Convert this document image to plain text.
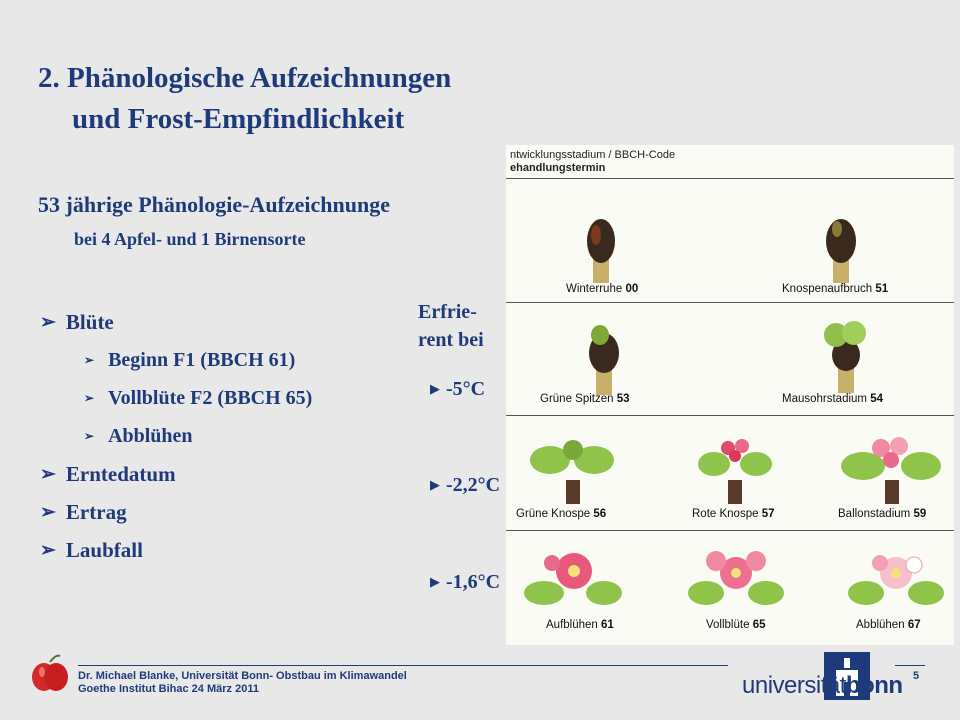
2. Phänologische Aufzeichnungen
und Frost-Empfindlichkeit
53 jährige Phänologie-Aufzeichnunge
bei 4 Apfel- und 1 Birnensorte
➢ Blüte
➢ Beginn F1 (BBCH 61)
➢ Vollblüte F2 (BBCH 65)
➢ Abblühen
➢ Erntedatum
➢ Ertrag
➢ Laubfall
Erfrie-
rent bei
ntwicklungsstadium / BBCH-Code
ehandlungstermin
Winterruhe 00	Knospenaufbruch 51
Grüne Spitzen 53	Mausohrstadium 54
Grüne Knospe 56	Rote Knospe 57	Ballonstadium 59
Aufblühen 61	Vollblüte 65	Abblühen 67
▶ -5°C
▶ -2,2°C
▶ -1,6°C
Dr. Michael Blanke, Universität Bonn- Obstbau im Klimawandel
Goethe Institut Bihac 24 März 2011
5
universitätbonn
